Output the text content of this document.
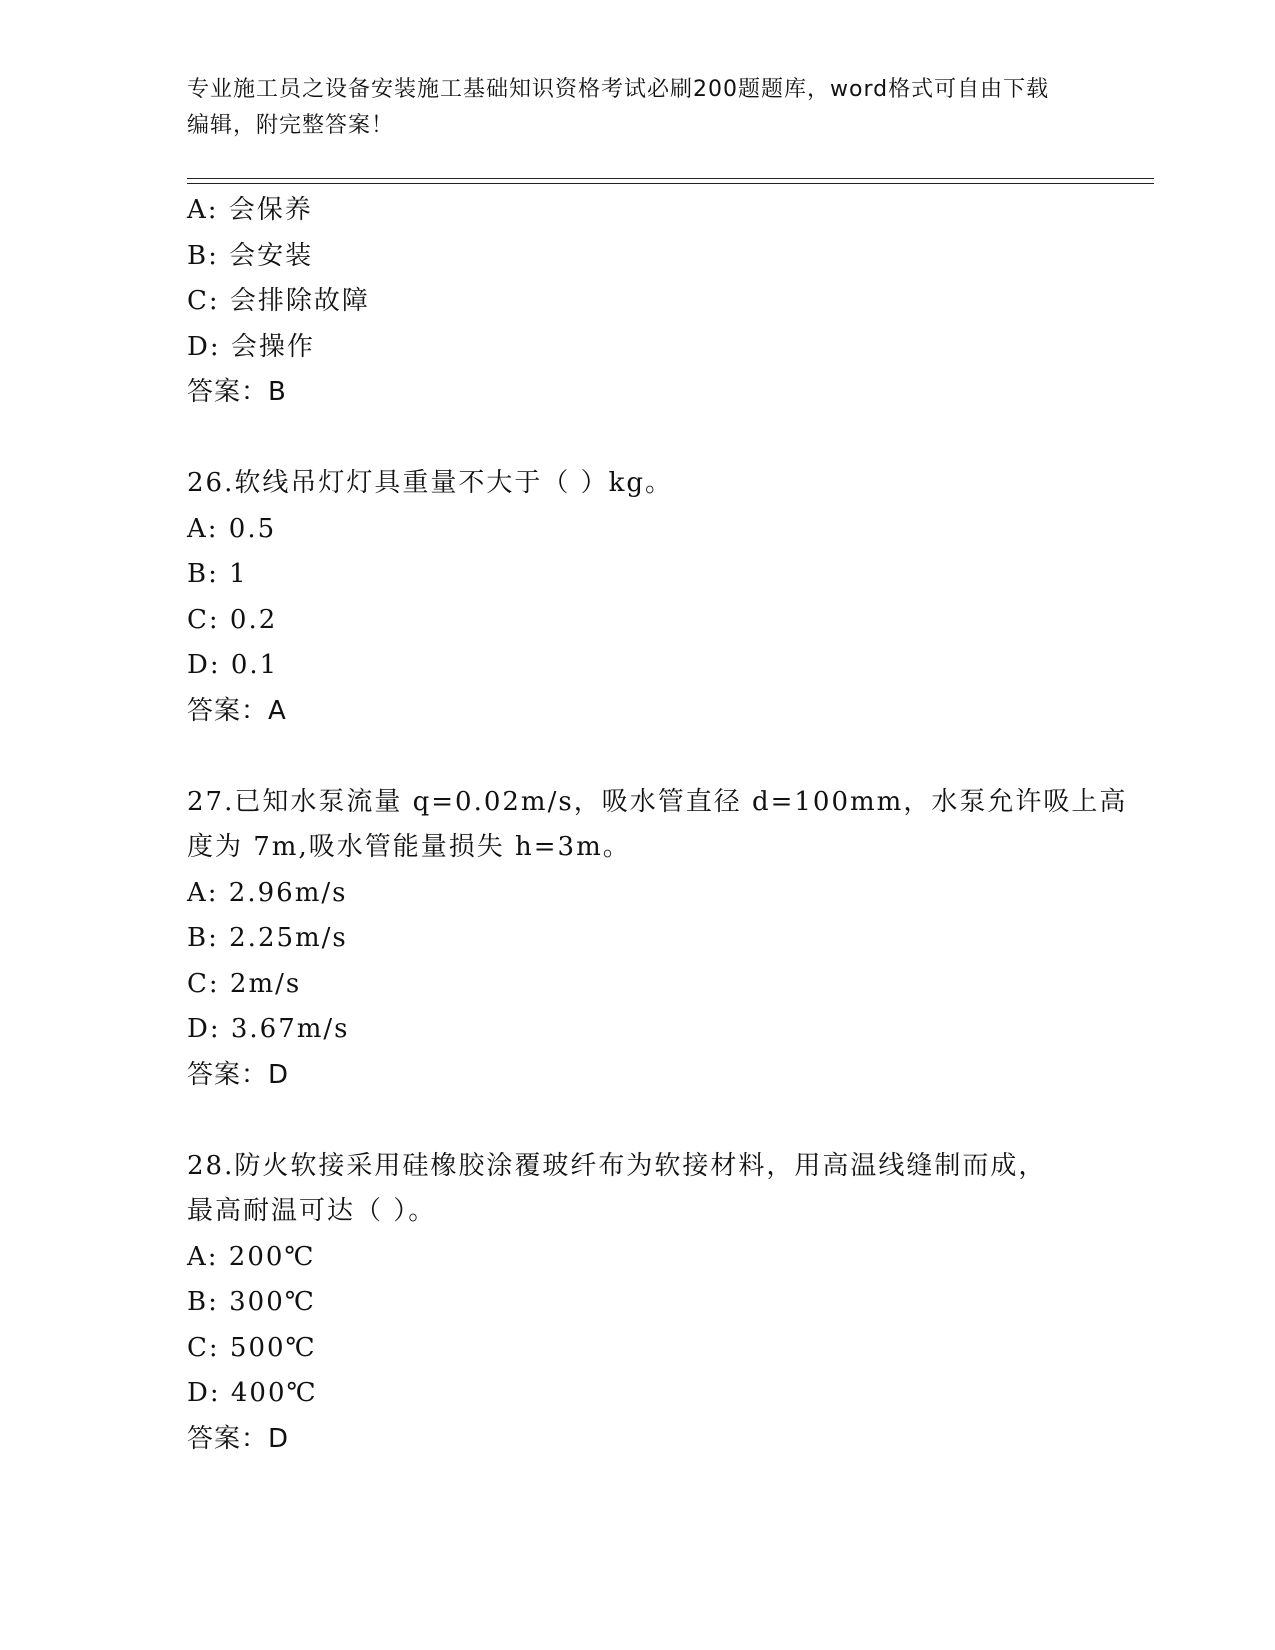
专业施工员之设备安装施工基础知识资格考试必刷200题题库，word格式可自由下载编辑，附完整答案！
A: 会保养
B: 会安装
C: 会排除故障
D: 会操作
答案：B
26.软线吊灯灯具重量不大于（ ）kg。
A: 0.5
B: 1
C: 0.2
D: 0.1
答案：A
27.已知水泵流量 q=0.02m/s，吸水管直径 d=100mm，水泵允许吸上高
度为 7m,吸水管能量损失 h=3m。
A: 2.96m/s
B: 2.25m/s
C: 2m/s
D: 3.67m/s
答案：D
28.防火软接采用硅橡胶涂覆玻纤布为软接材料，用高温线缝制而成，
最高耐温可达（ ）。
A: 200℃
B: 300℃
C: 500℃
D: 400℃
答案：D
